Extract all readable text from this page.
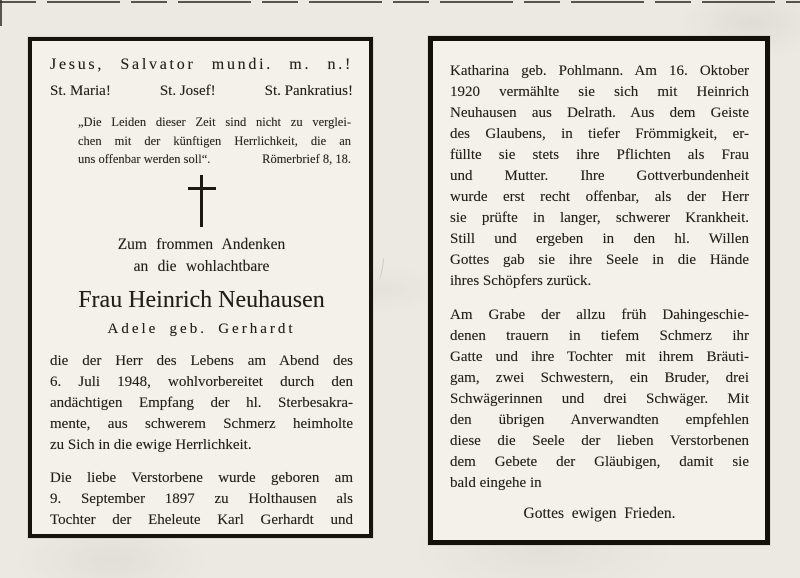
Jesus, Salvator mundi. m. n.!
St. Maria!	St. Josef!	St. Pankratius!
„Die Leiden dieser Zeit sind nicht zu verglei-
chen mit der künftigen Herrlichkeit, die an
uns offenbar werden soll“.	Römerbrief 8, 18.
Zum frommen Andenken
an die wohlachtbare
Frau Heinrich Neuhausen
Adele geb. Gerhardt
die der Herr des Lebens am Abend des
6. Juli 1948, wohlvorbereitet durch den
andächtigen Empfang der hl. Sterbesakra-
mente, aus schwerem Schmerz heimholte
zu Sich in die ewige Herrlichkeit.
Die liebe Verstorbene wurde geboren am
9. September 1897 zu Holthausen als
Tochter der Eheleute Karl Gerhardt und
Katharina geb. Pohlmann. Am 16. Oktober
1920 vermählte sie sich mit Heinrich
Neuhausen aus Delrath. Aus dem Geiste
des Glaubens, in tiefer Frömmigkeit, er-
füllte sie stets ihre Pflichten als Frau
und Mutter. Ihre Gottverbundenheit
wurde erst recht offenbar, als der Herr
sie prüfte in langer, schwerer Krankheit.
Still und ergeben in den hl. Willen
Gottes gab sie ihre Seele in die Hände
ihres Schöpfers zurück.
Am Grabe der allzu früh Dahingeschie-
denen trauern in tiefem Schmerz ihr
Gatte und ihre Tochter mit ihrem Bräuti-
gam, zwei Schwestern, ein Bruder, drei
Schwägerinnen und drei Schwäger. Mit
den übrigen Anverwandten empfehlen
diese die Seele der lieben Verstorbenen
dem Gebete der Gläubigen, damit sie
bald eingehe in
Gottes ewigen Frieden.
